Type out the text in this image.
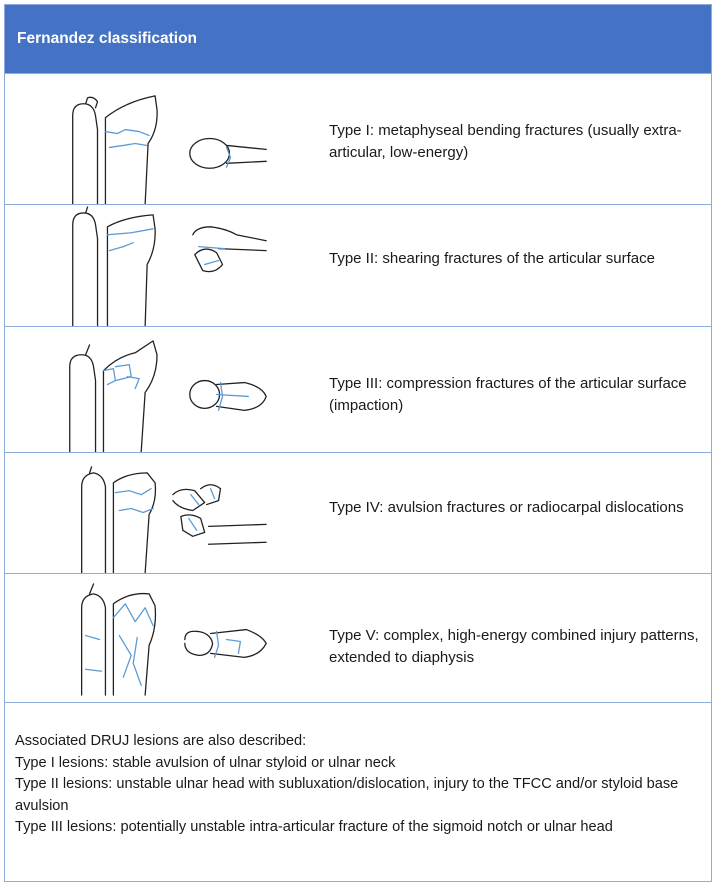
Fernandez classification
Type I: metaphyseal bending fractures (usually extra-articular, low-energy)
Type II: shearing fractures of the articular surface
Type III: compression fractures of the articular surface (impaction)
Type IV: avulsion fractures or radiocarpal dislocations
Type V: complex, high-energy combined injury patterns, extended to diaphysis

Associated DRUJ lesions are also described:

Type I lesions: stable avulsion of ulnar styloid or ulnar neck

Type II lesions: unstable ulnar head with subluxation/dislocation, injury to the TFCC and/or styloid base avulsion

Type III lesions: potentially unstable intra-articular fracture of the sigmoid notch or ulnar head
